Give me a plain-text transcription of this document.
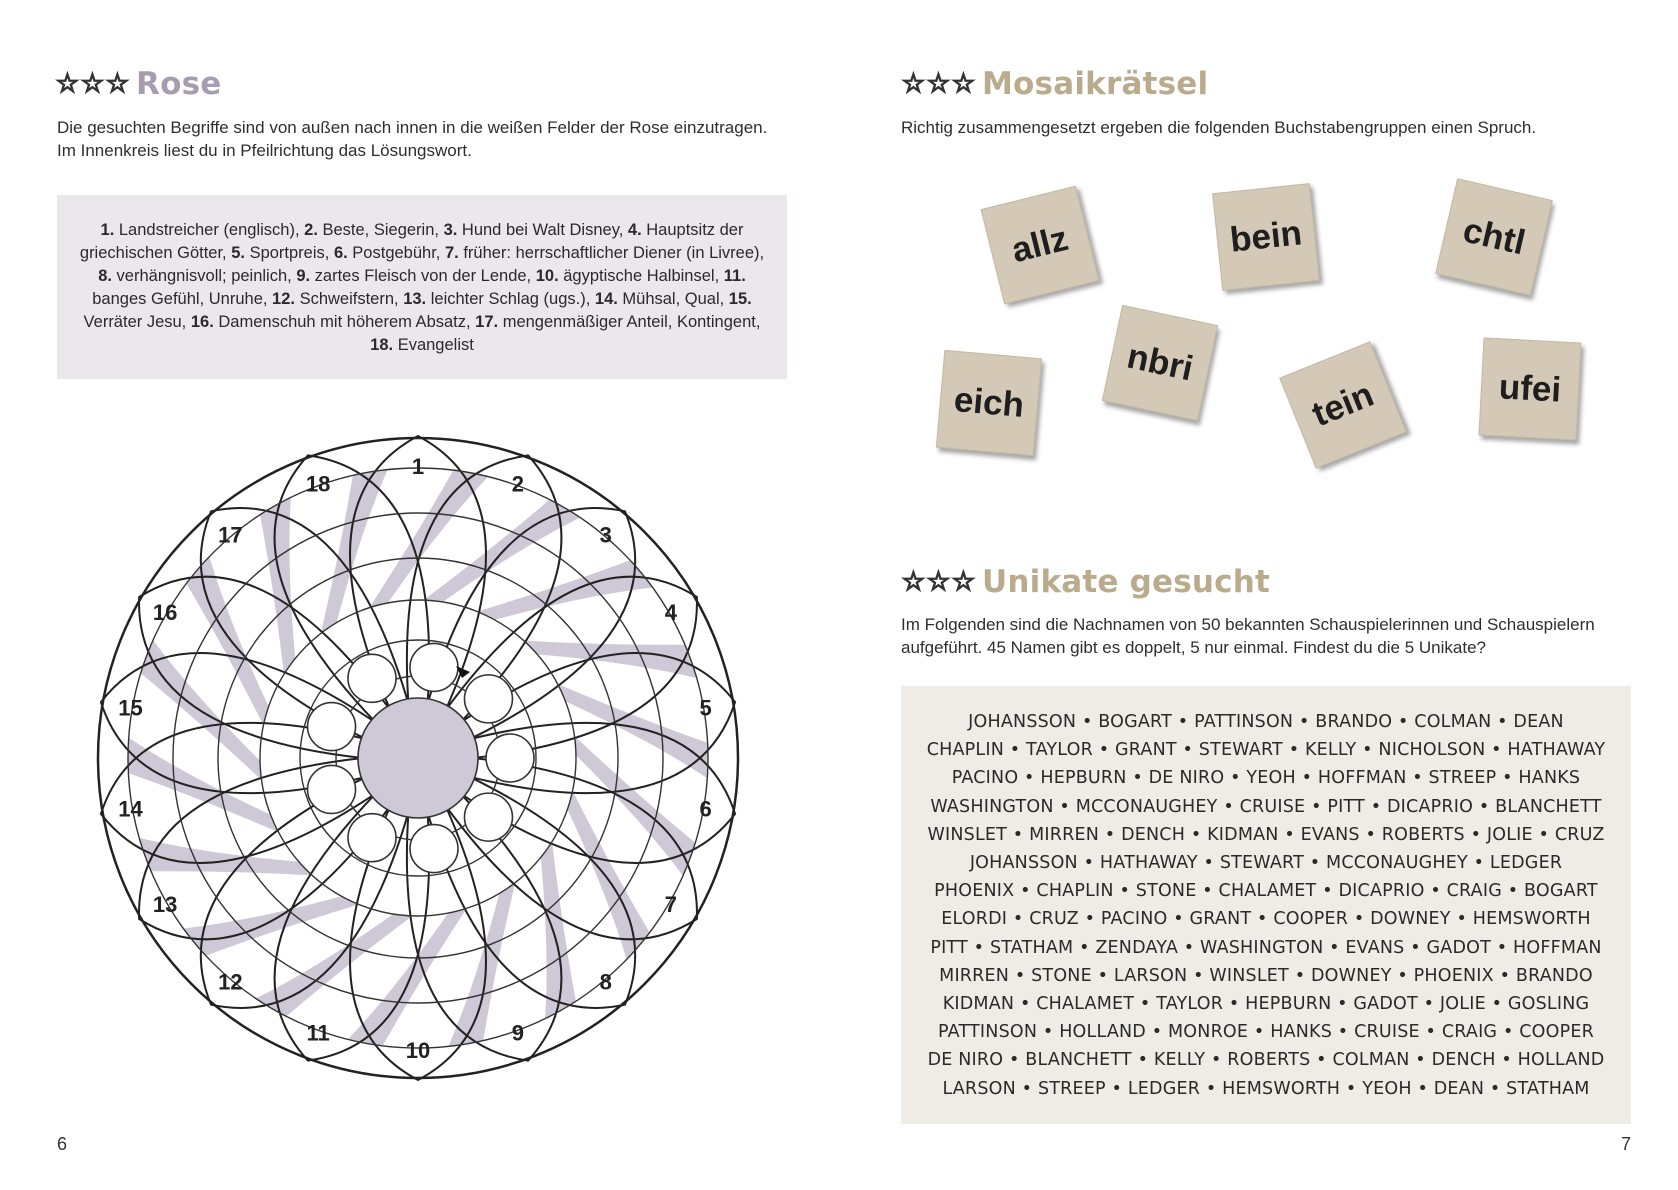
☆ ☆ ☆ Rose
Die gesuchten Begriffe sind von außen nach innen in die weißen Felder der Rose einzutragen.
Im Innenkreis liest du in Pfeilrichtung das Lösungswort.
1. Landstreicher (englisch), 2. Beste, Siegerin, 3. Hund bei Walt Disney, 4. Hauptsitz der griechischen Götter, 5. Sportpreis, 6. Postgebühr, 7. früher: herrschaftlicher Diener (in Livree), 8. verhängnisvoll; peinlich, 9. zartes Fleisch von der Lende, 10. ägyptische Halbinsel, 11. banges Gefühl, Unruhe, 12. Schweifstern, 13. leichter Schlag (ugs.), 14. Mühsal, Qual, 15. Verräter Jesu, 16. Damenschuh mit höherem Absatz, 17. mengenmäßiger Anteil, Kontingent, 18. Evangelist
1
2
3
4
5
6
7
8
9
10
11
12
13
14
15
16
17
18
6
☆ ☆ ☆ Mosaikrätsel
Richtig zusammengesetzt ergeben die folgenden Buchstabengruppen einen Spruch.
allz	bein	chtl
eich
nbri
tein	ufei
☆ ☆ ☆ Unikate gesucht
Im Folgenden sind die Nachnamen von 50 bekannten Schauspielerinnen und Schauspielern
aufgeführt. 45 Namen gibt es doppelt, 5 nur einmal. Findest du die 5 Unikate?
JOHANSSON • BOGART • PATTINSON • BRANDO • COLMAN • DEAN
CHAPLIN • TAYLOR • GRANT • STEWART • KELLY • NICHOLSON • HATHAWAY
PACINO • HEPBURN • DE NIRO • YEOH • HOFFMAN • STREEP • HANKS
WASHINGTON • MCCONAUGHEY • CRUISE • PITT • DICAPRIO • BLANCHETT
WINSLET • MIRREN • DENCH • KIDMAN • EVANS • ROBERTS • JOLIE • CRUZ
JOHANSSON • HATHAWAY • STEWART • MCCONAUGHEY • LEDGER
PHOENIX • CHAPLIN • STONE • CHALAMET • DICAPRIO • CRAIG • BOGART
ELORDI • CRUZ • PACINO • GRANT • COOPER • DOWNEY • HEMSWORTH
PITT • STATHAM • ZENDAYA • WASHINGTON • EVANS • GADOT • HOFFMAN
MIRREN • STONE • LARSON • WINSLET • DOWNEY • PHOENIX • BRANDO
KIDMAN • CHALAMET • TAYLOR • HEPBURN • GADOT • JOLIE • GOSLING
PATTINSON • HOLLAND • MONROE • HANKS • CRUISE • CRAIG • COOPER
DE NIRO • BLANCHETT • KELLY • ROBERTS • COLMAN • DENCH • HOLLAND
LARSON • STREEP • LEDGER • HEMSWORTH • YEOH • DEAN • STATHAM
7
